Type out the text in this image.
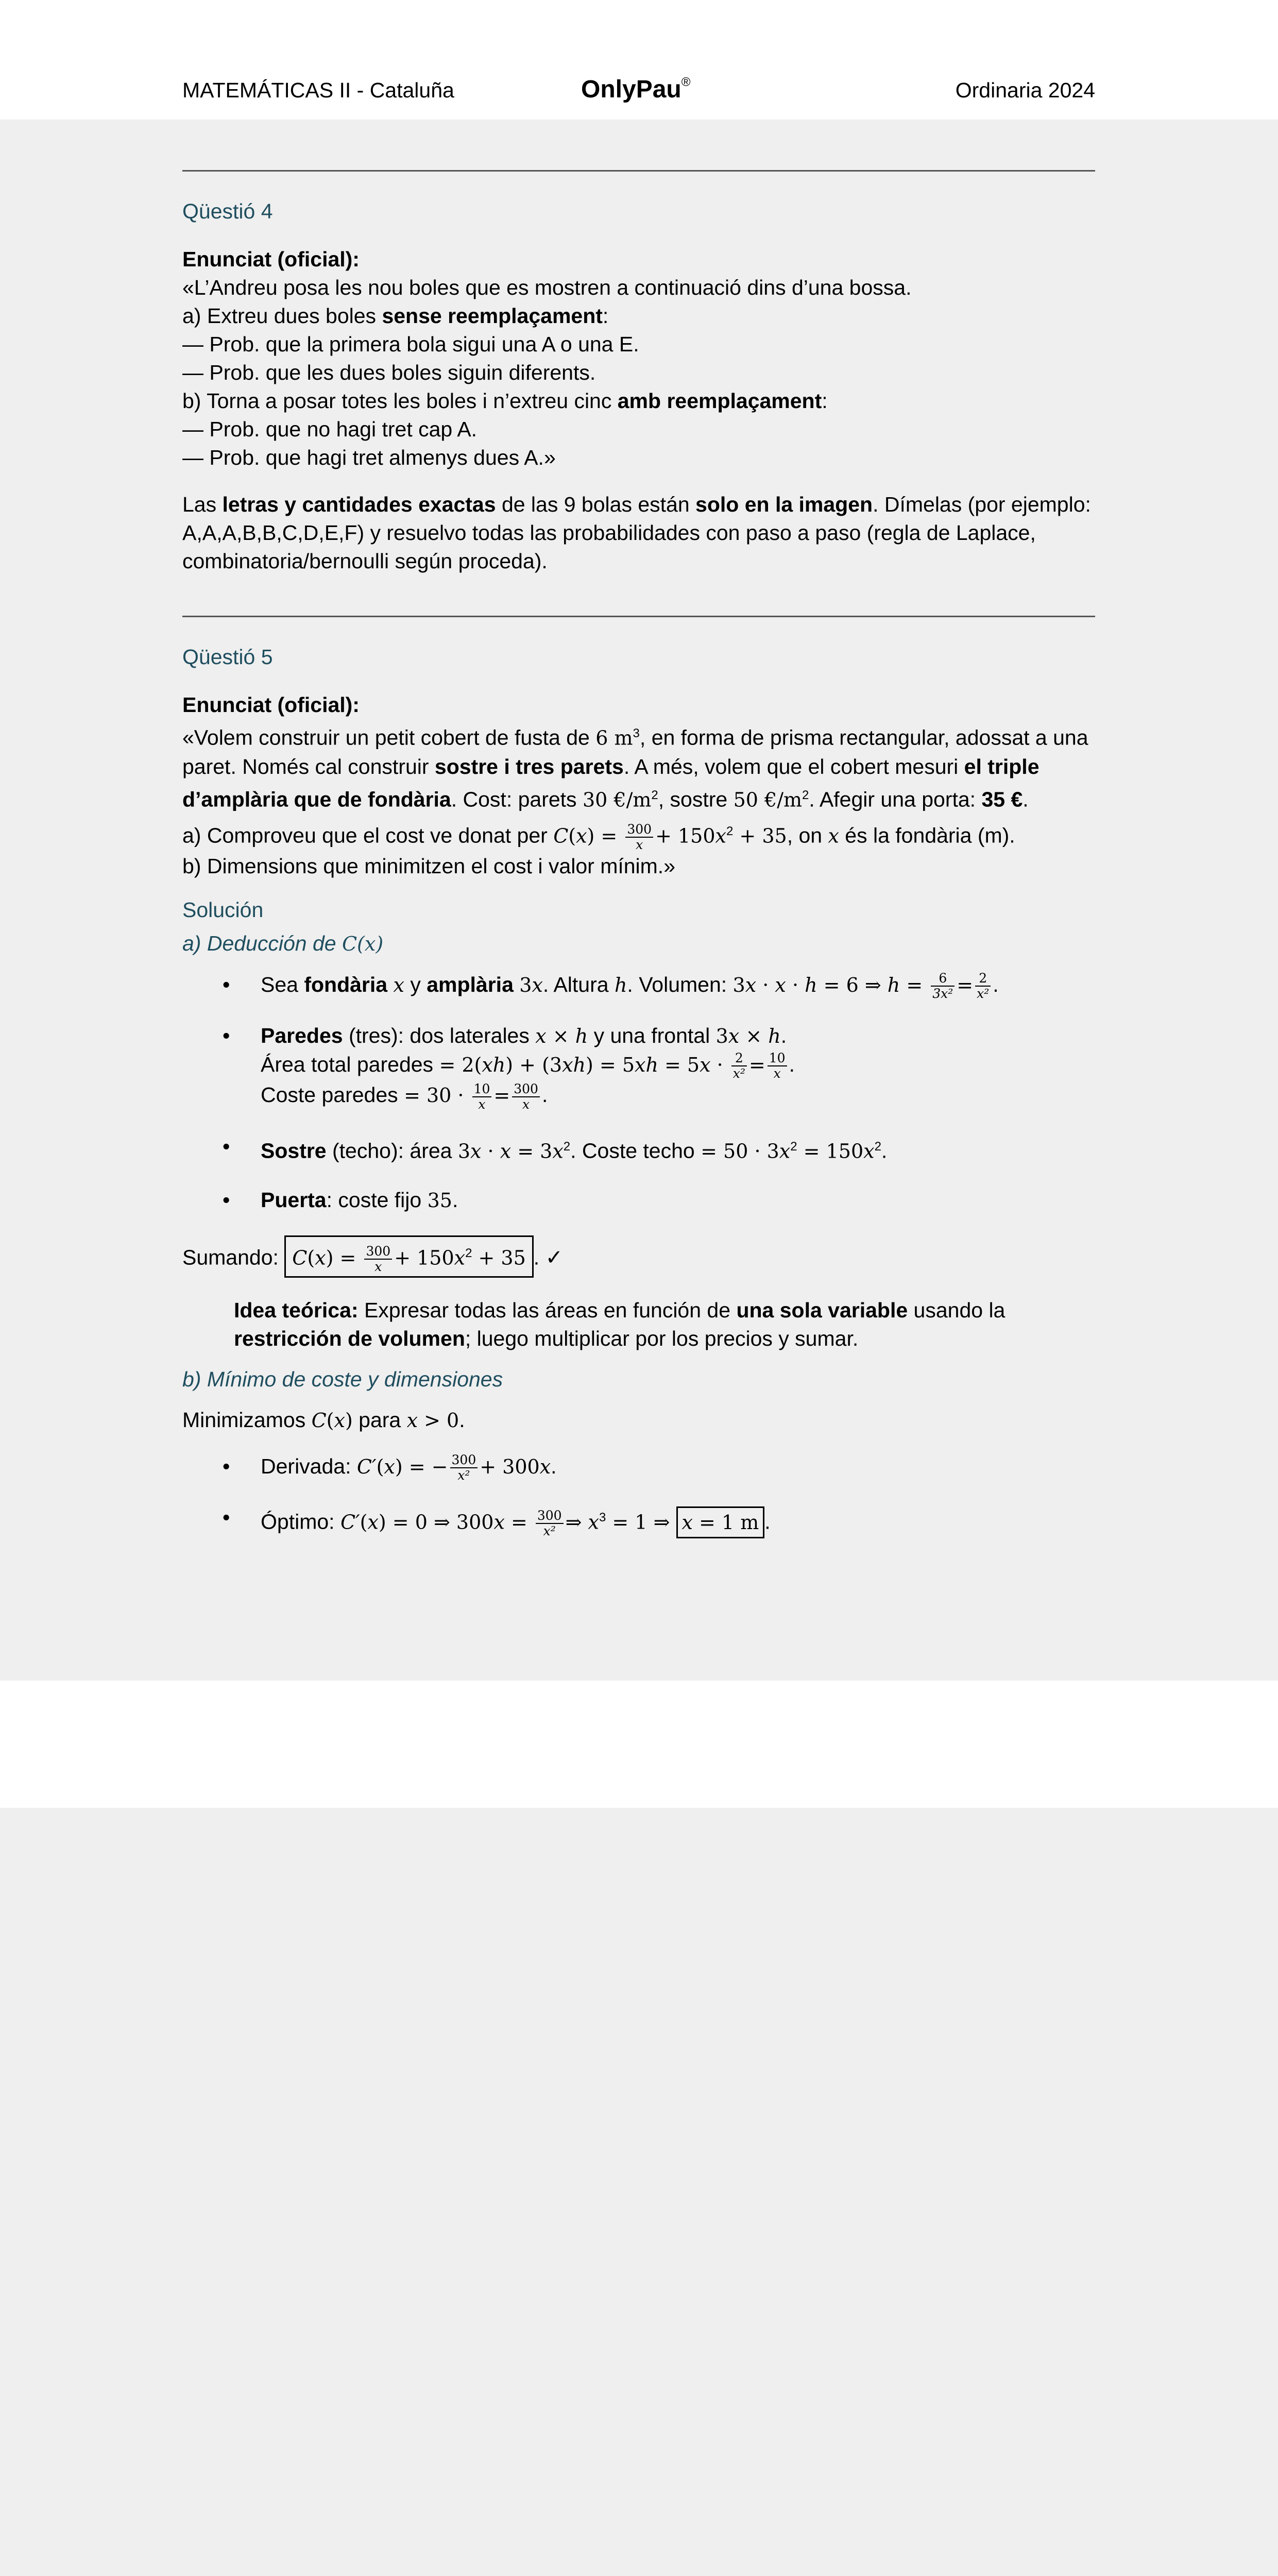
MATEMÁTICAS II - Cataluña	OnlyPau®	Ordinaria 2024
Qüestió 4
Enunciat (oficial):
«L’Andreu posa les nou boles que es mostren a continuació dins d’una bossa.
a) Extreu dues boles sense reemplaçament:
— Prob. que la primera bola sigui una A o una E.
— Prob. que les dues boles siguin diferents.
b) Torna a posar totes les boles i n’extreu cinc amb reemplaçament:
— Prob. que no hagi tret cap A.
— Prob. que hagi tret almenys dues A.»
Las letras y cantidades exactas de las 9 bolas están solo en la imagen. Dímelas (por ejemplo: A,A,A,B,B,C,D,E,F) y resuelvo todas las probabilidades con paso a paso (regla de Laplace, combinatoria/bernoulli según proceda).
Qüestió 5
Enunciat (oficial):
«Volem construir un petit cobert de fusta de 6 $m^3$, en forma de prisma rectangular, adossat a una paret. Només cal construir sostre i tres parets. A més, volem que el cobert mesuri el triple d’amplària que de fondària. Cost: parets 30 $€/m^2$, sostre 50 $€/m^2$. Afegir una porta: 35 €.
a) Comproveu que el cost ve donat per $C(x) = \frac{300}{x} + 150x^2 + 35$, on x és la fondària (m).
b) Dimensions que minimitzen el cost i valor mínim.»
Solución
a) Deducción de C(x)
• Sea fondària x y amplària 3x. Altura h. Volumen: 3x · x · h = 6 ⇒ $h = \frac{6}{\text{3x²}} = \frac{2}{\text{x²}}$ .
• Paredes (tres): dos laterales x × h y una frontal 3x × h.
Área total paredes = $2(xh) + (3xh) = 5xh = 5x \cdot \frac{2}{\text{x²}} = \frac{10}{x}$ .
Coste paredes = $30 \cdot \frac{10}{x} = \frac{300}{x}$ .
• Sostre (techo): área $3x \cdot x = 3x^2$. Coste techo = $50 \cdot 3x^2 = 150x^2$.
• Puerta: coste fijo 35.
Sumando: $C(x) = \frac{300}{x} + 150x^2 + 35$ . ✓
Idea teórica: Expresar todas las áreas en función de una sola variable usando la restricción de volumen; luego multiplicar por los precios y sumar.
b) Mínimo de coste y dimensiones
Minimizamos C(x) para x > 0.
• Derivada: C′(x) = − $\frac{300}{\text{x²}} + 300x$.
• Óptimo: C′(x) = 0 ⇒ $300x = \frac{300}{\text{x²}}$ ⇒ $x^3 = 1$ ⇒ x = 1 m .
